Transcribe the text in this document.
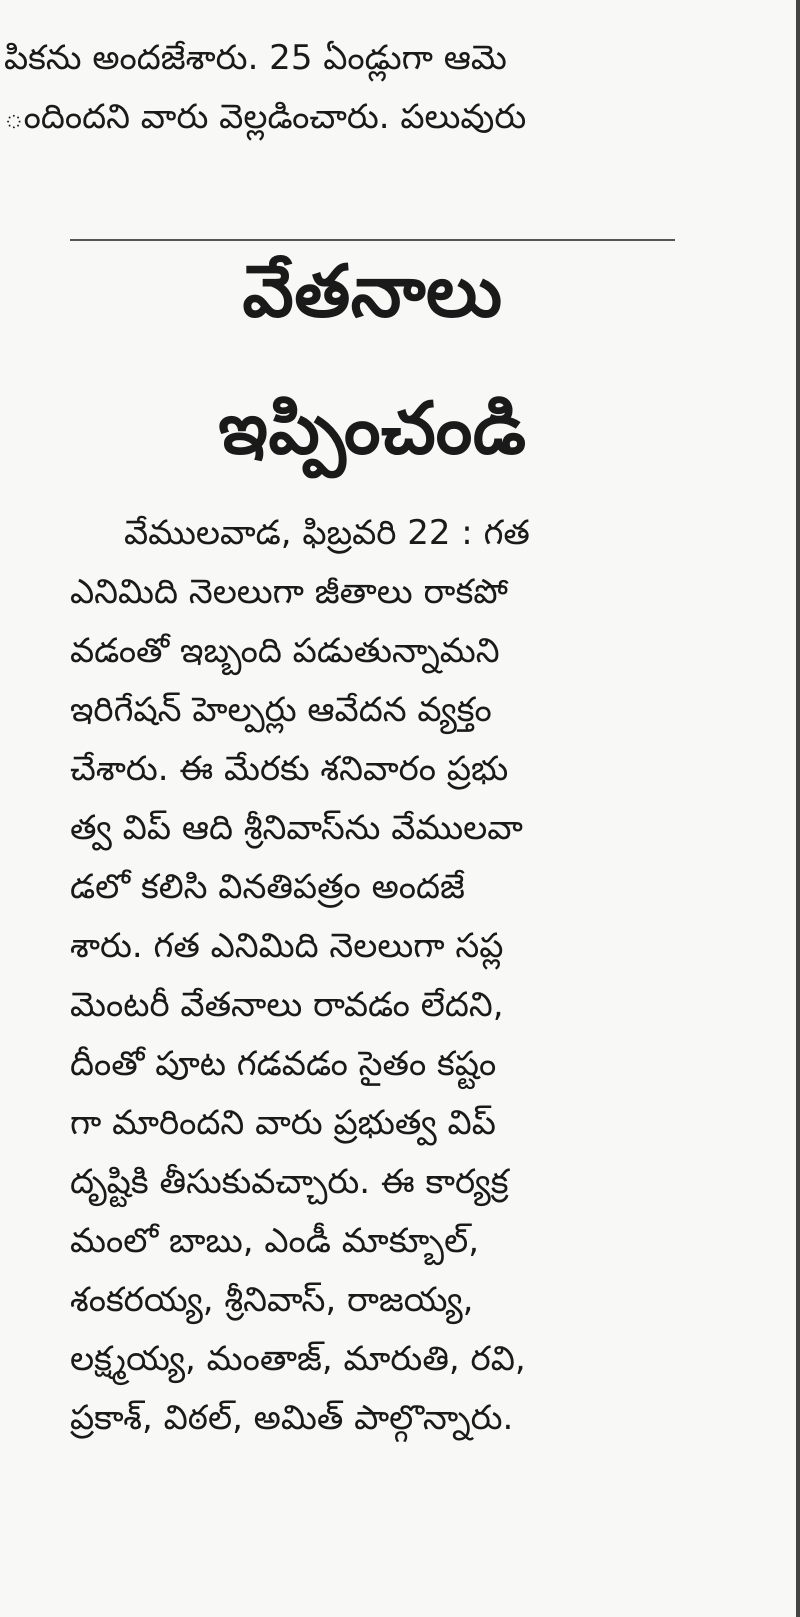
పికను అందజేశారు. 25 ఏండ్లుగా ఆమె
ందిందని వారు వెల్లడించారు. పలువురు
వేతనాలు
ఇప్పించండి
వేములవాడ, ఫిబ్రవరి 22 : గత
ఎనిమిది నెలలుగా జీతాలు రాకపో
వడంతో ఇబ్బంది పడుతున్నామని
ఇరిగేషన్ హెల్పర్లు ఆవేదన వ్యక్తం
చేశారు. ఈ మేరకు శనివారం ప్రభు
త్వ విప్ ఆది శ్రీనివాస్‌ను వేములవా
డలో కలిసి వినతిపత్రం అందజే
శారు. గత ఎనిమిది నెలలుగా సప్ల
మెంటరీ వేతనాలు రావడం లేదని,
దీంతో పూట గడవడం సైతం కష్టం
గా మారిందని వారు ప్రభుత్వ విప్
దృష్టికి తీసుకువచ్చారు. ఈ కార్యక్ర
మంలో బాబు, ఎండీ మాక్బూల్,
శంకరయ్య, శ్రీనివాస్, రాజయ్య,
లక్ష్మయ్య, మంతాజ్, మారుతి, రవి,
ప్రకాశ్, విఠల్, అమిత్ పాల్గొన్నారు.
